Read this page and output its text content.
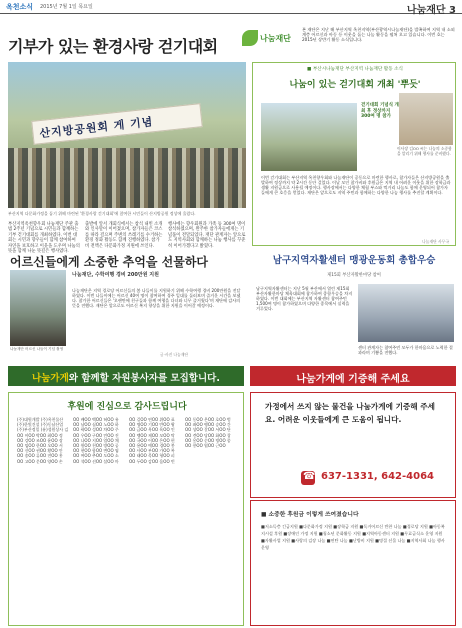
옥천소식 2015년 7월 1일 목요일	나눔재단 3
기부가 있는 환경사랑 걷기대회	나눔재단
본 재단은 지난 해 부산지역 옥천지역(부산광역시나눔재단)을 발족하여 지역 내 소외계층 어르신과 아동 등 이웃을 돕는 나눔 활동을 펼쳐 오고 있습니다. 이번 호는 2015년 상반기 활동 소식입니다.
산지방공원회 게 기념
부산지역 다문화가정을 돕기 위해 마련된 '환경사랑 걷기대회'에 참여한 시민들이 산지방공원 정상에 올랐다.
부산지역옥천향우회 나눔재단 주관 출범 2주년 기념으로 시민들과 함께하는 기부 걷기대회를 개최하였다. 이번 대회는 시민과 향우들이 함께 참여하여 자연을 보호하고 이웃을 도우며 나눔의 뜻을 함께 나눈 뜻깊은 행사였다.
출발에 앞서 개회식에서는 참석 내빈 소개와 인사말이 이어졌으며, 참가자들은 코스를 따라 걸으며 주변의 쓰레기를 수거하는 환경 정화 활동도 함께 진행하였다. 참가비 전액은 다문화가정 지원에 쓰인다.
행사에는 향우회원과 가족 등 300여 명이 참석하였으며, 완주한 참가자들에게는 기념품이 전달되었다. 재단 관계자는 앞으로도 지역사회와 함께하는 나눔 행사를 꾸준히 이어가겠다고 밝혔다.
■ 부산시나눔재단 부산지역 나눔재단 활동 소식
나눔이 있는 걷기대회 개최 '뿌듯'
걷기대회 기념식 개최 후 정상까지 300여 명 참가
이사장 김OO 씨는 나눔의 소중함을 알리기 위해 행사를 준비했다.
이번 걷기대회는 부산지역 옥천향우회와 나눔재단이 공동으로 마련한 행사로, 참가자들은 산지방공원을 출발하여 정상까지 약 2시간 동안 걸었다. 이날 모인 참가비와 후원금은 지역 내 어려운 이웃을 위한 장학금과 생활 지원금으로 사용될 예정이다. 행사장에서는 다양한 체험 부스와 먹거리 나눔도 함께 운영되어 참가자들에게 큰 호응을 얻었다. 재단은 앞으로도 지역 주민과 함께하는 다양한 나눔 행사를 추진할 계획이다.
나눔재단 사무국
어르신들에게 소중한 추억을 선물하다
나눔재단, 수학여행 경비 200만원 지원
나눔재단은 지역 경로당 어르신들의 봄 나들이를 지원하기 위해 수학여행 경비 200만원을 전달하였다. 이번 나들이에는 어르신 40여 명이 참여하여 경주 일대를 둘러보며 즐거운 시간을 보냈다. 참가한 어르신들은 '오랜만에 친구들과 함께 여행을 다녀와 너무 즐거웠다'며 재단에 감사의 뜻을 전했다. 재단은 앞으로도 어르신 복지 향상을 위한 지원을 이어갈 예정이다.
나눔재단 어르신 나들이 기념 촬영
글·사진 나눔재단
남구지역자활센터 맹광운동회 총합우승
제15회 부산자활한마당 참여
남구지역자활센터는 지난 5월 부산에서 열린 제15회 부산자활한마당 체육대회에 참가하여 종합우승을 차지하였다. 이번 대회에는 부산지역 자활센터 참여주민 1,500여 명이 참가하였으며 다양한 종목에서 실력을 겨루었다.
센터 관계자는 참여주민 모두가 한마음으로 노력한 결과라며 기쁨을 전했다.
나눔가게와 함께할 자원봉사자를 모집합니다.
후원에 진심으로 감사드립니다
(주)대원개발 (주)옥천물산 (주)한빛건설 (주)동남산업 (주)부산정밀 (유)성원상사 김OO 이OO 박OO 최OO 정OO 강OO 조OO 윤OO 장OO 임OO 한OO 오OO 서OO 신OO 권OO 황OO 안OO 송OO 류OO 전OO 홍OO 고OO 문OO 양OO 손OO 배OO 백OO 허OO 유OO 남OO 심OO 노OO 하OO 곽OO 성OO 차OO 주OO 우OO 구OO 민OO 진OO 나OO 지OO 엄OO 채OO 원OO 천OO 방OO 공OO 현OO 함OO 변OO 염OO 여OO 추OO 도OO 소OO 석OO 선OO 설OO 마OO 길OO 연OO 위OO 표OO 명OO 기OO 반OO 왕OO 금OO 옥OO 육OO 인OO 맹OO 제OO 모OO 탁OO 국OO 어OO 은OO 편OO 용OO 예OO 경OO 봉OO 사OO 부OO 가OO 복OO 태OO 목OO 형OO 피OO 두OO 감OO 음OO 빈OO 동OO 온OO 호OO 범OO 좌OO 팽OO 승OO 간OO 상OO 갈OO 서OO 단OO 견OO 당OO 화OO 창OO 옹OO 순OO 빙OO 종OO 풍OO 엽OO 근OO
나눔가게에 기증해 주세요
가정에서 쓰지 않는 물건을 나눔가게에 기증해 주세요. 어려운 이웃들에게 큰 도움이 됩니다.
☎
637-1331, 642-4064
■ 소중한 후원금 이렇게 쓰여졌습니다
■저소득층 긴급지원 ■다문화가정 지원 ■장학금 지원 ■독거어르신 반찬 나눔 ■경로당 지원 ■아동복지시설 후원 ■장애인 가정 지원 ■청소년 문화활동 지원 ■지역아동센터 지원 ■무료급식소 운영 지원 ■자활사업 지원 ■사랑의 김장 나눔 ■연탄 나눔 ■난방비 지원 ■명절 선물 나눔 ■지역사회 나눔 행사 운영
